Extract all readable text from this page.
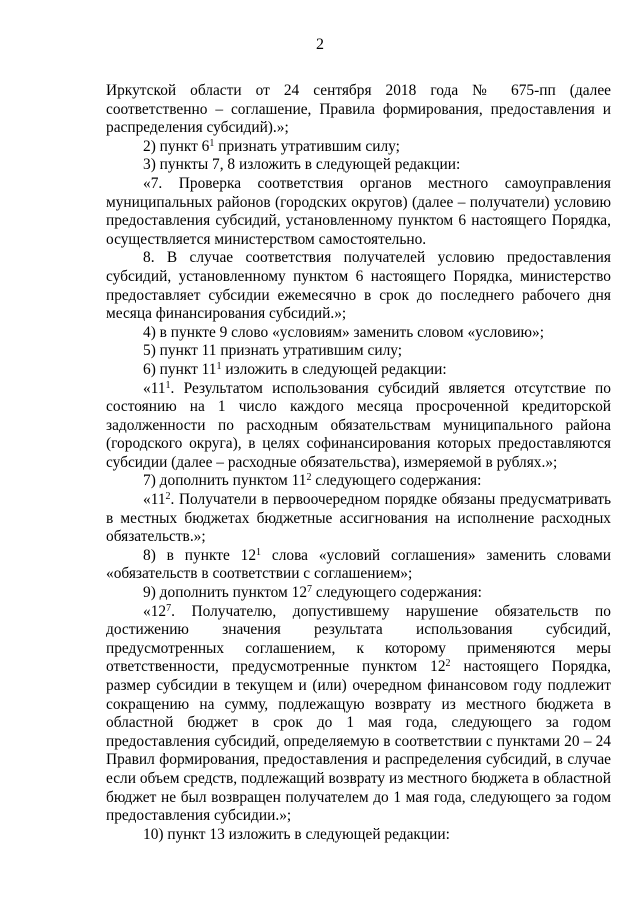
2

Иркутской области от 24 сентября 2018 года № 675-пп (далее соответственно – соглашение, Правила формирования, предоставления и распределения субсидий).»;

2) пункт $6^1$ признать утратившим силу;

3) пункты 7, 8 изложить в следующей редакции:

«7. Проверка соответствия органов местного самоуправления муниципальных районов (городских округов) (далее – получатели) условию предоставления субсидий, установленному пунктом 6 настоящего Порядка, осуществляется министерством самостоятельно.

8. В случае соответствия получателей условию предоставления субсидий, установленному пунктом 6 настоящего Порядка, министерство предоставляет субсидии ежемесячно в срок до последнего рабочего дня месяца финансирования субсидий.»;

4) в пункте 9 слово «условиям» заменить словом «условию»;

5) пункт 11 признать утратившим силу;

6) пункт $11^1$ изложить в следующей редакции:

«$11^1$. Результатом использования субсидий является отсутствие по состоянию на 1 число каждого месяца просроченной кредиторской задолженности по расходным обязательствам муниципального района (городского округа), в целях софинансирования которых предоставляются субсидии (далее – расходные обязательства), измеряемой в рублях.»;

7) дополнить пунктом $11^2$ следующего содержания:

«$11^2$. Получатели в первоочередном порядке обязаны предусматривать в местных бюджетах бюджетные ассигнования на исполнение расходных обязательств.»;

8) в пункте $12^1$ слова «условий соглашения» заменить словами «обязательств в соответствии с соглашением»;

9) дополнить пунктом $12^7$ следующего содержания:

«$12^7$. Получателю, допустившему нарушение обязательств по достижению значения результата использования субсидий, предусмотренных соглашением, к которому применяются меры ответственности, предусмотренные пунктом $12^2$ настоящего Порядка, размер субсидии в текущем и (или) очередном финансовом году подлежит сокращению на сумму, подлежащую возврату из местного бюджета в областной бюджет в срок до 1 мая года, следующего за годом предоставления субсидий, определяемую в соответствии с пунктами 20 – 24 Правил формирования, предоставления и распределения субсидий, в случае если объем средств, подлежащий возврату из местного бюджета в областной бюджет не был возвращен получателем до 1 мая года, следующего за годом предоставления субсидии.»;

10) пункт 13 изложить в следующей редакции:
